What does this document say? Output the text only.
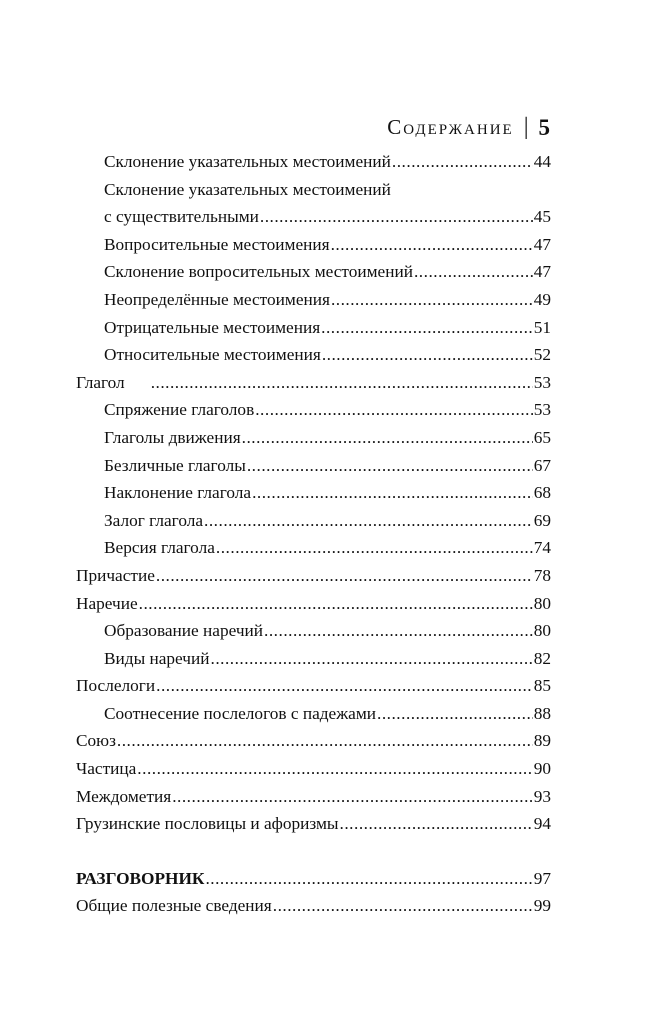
Содержание | 5
Склонение указательных местоимений .....	44
Склонение указательных местоимений
с существительными .....	45
Вопросительные местоимения .....	47
Склонение вопросительных местоимений .....	47
Неопределённые местоимения .....	49
Отрицательные местоимения .....	51
Относительные местоимения .....	52
Глагол .....	53
Спряжение глаголов .....	53
Глаголы движения .....	65
Безличные глаголы .....	67
Наклонение глагола .....	68
Залог глагола .....	69
Версия глагола .....	74
Причастие .....	78
Наречие .....	80
Образование наречий .....	80
Виды наречий .....	82
Послелоги .....	85
Соотнесение послелогов с падежами .....	88
Союз .....	89
Частица .....	90
Междометия .....	93
Грузинские пословицы и афоризмы .....	94
РАЗГОВОРНИК .....	97
Общие полезные сведения .....	99
